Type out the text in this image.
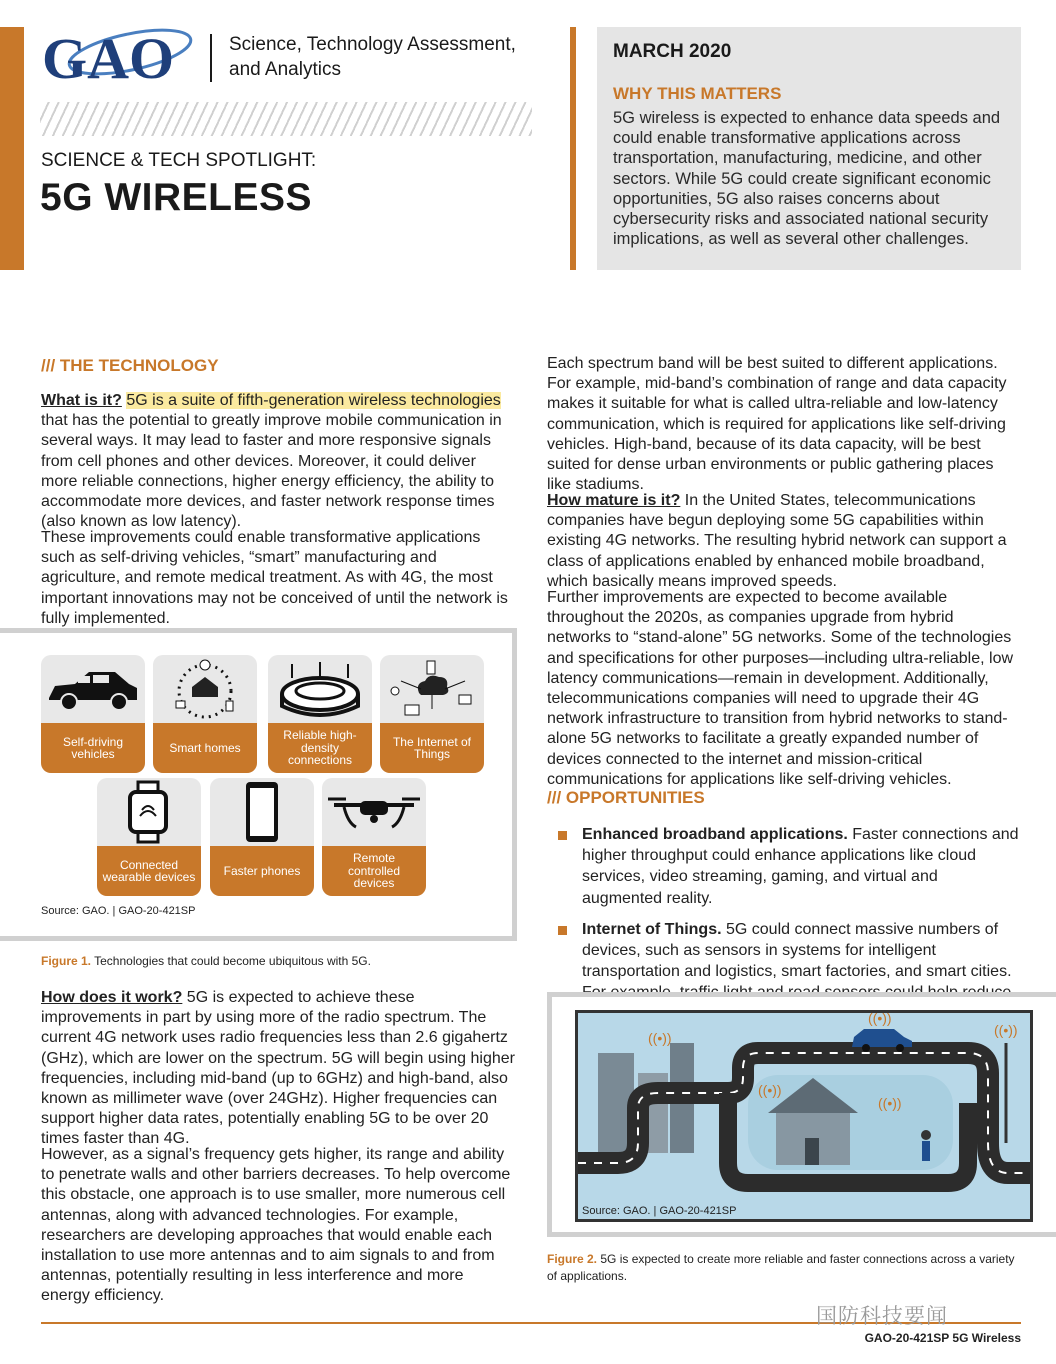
GAO	Science, Technology Assessment, and Analytics
SCIENCE & TECH SPOTLIGHT:
5G WIRELESS
MARCH 2020
WHY THIS MATTERS
5G wireless is expected to enhance data speeds and could enable transformative applications across transportation, manufacturing, medicine, and other sectors. While 5G could create significant economic opportunities, 5G also raises concerns about cybersecurity risks and associated national security implications, as well as several other challenges.
/// THE TECHNOLOGY
What is it? 5G is a suite of fifth-generation wireless technologies that has the potential to greatly improve mobile communication in several ways. It may lead to faster and more responsive signals from cell phones and other devices. Moreover, it could deliver more reliable connections, higher energy efficiency, the ability to accommodate more devices, and faster network response times (also known as low latency).
These improvements could enable transformative applications such as self-driving vehicles, “smart” manufacturing and agriculture, and remote medical treatment. As with 4G, the most important innovations may not be conceived of until the network is fully implemented.
Self-driving vehicles	Smart homes
Reliable high-density connections
The Internet of Things
Connected wearable devices	Faster phones
Remote controlled devices
Source: GAO. | GAO-20-421SP
Figure 1. Technologies that could become ubiquitous with 5G.
How does it work? 5G is expected to achieve these improvements in part by using more of the radio spectrum. The current 4G network uses radio frequencies less than 2.6 gigahertz (GHz), which are lower on the spectrum. 5G will begin using higher frequencies, including mid-band (up to 6GHz) and high-band, also known as millimeter wave (over 24GHz). Higher frequencies can support higher data rates, potentially enabling 5G to be over 20 times faster than 4G.
However, as a signal’s frequency gets higher, its range and ability to penetrate walls and other barriers decreases. To help overcome this obstacle, one approach is to use smaller, more numerous cell antennas, along with advanced technologies. For example, researchers are developing approaches that would enable each installation to use more antennas and to aim signals to and from antennas, potentially resulting in less interference and more energy efficiency.
Each spectrum band will be best suited to different applications. For example, mid-band’s combination of range and data capacity makes it suitable for what is called ultra-reliable and low-latency communication, which is required for applications like self-driving vehicles. High-band, because of its data capacity, will be best suited for dense urban environments or public gathering places like stadiums.
How mature is it? In the United States, telecommunications companies have begun deploying some 5G capabilities within existing 4G networks. The resulting hybrid network can support a class of applications enabled by enhanced mobile broadband, which basically means improved speeds.
Further improvements are expected to become available throughout the 2020s, as companies upgrade from hybrid networks to “stand-alone” 5G networks. Some of the technologies and specifications for other purposes—including ultra-reliable, low latency communications—remain in development. Additionally, telecommunications companies will need to upgrade their 4G network infrastructure to transition from hybrid networks to stand-alone 5G networks to facilitate a greatly expanded number of devices connected to the internet and mission-critical communications for applications like self-driving vehicles.
/// OPPORTUNITIES
Enhanced broadband applications. Faster connections and higher throughput could enhance applications like cloud services, video streaming, gaming, and virtual and augmented reality.
Internet of Things. 5G could connect massive numbers of devices, such as sensors in systems for intelligent transportation and logistics, smart factories, and smart cities.
((•))
((•))
((•))
((•))
((•))
Source: GAO. | GAO-20-421SP
Figure 2. 5G is expected to create more reliable and faster connections across a variety of applications.
国防科技要闻
GAO-20-421SP 5G Wireless
